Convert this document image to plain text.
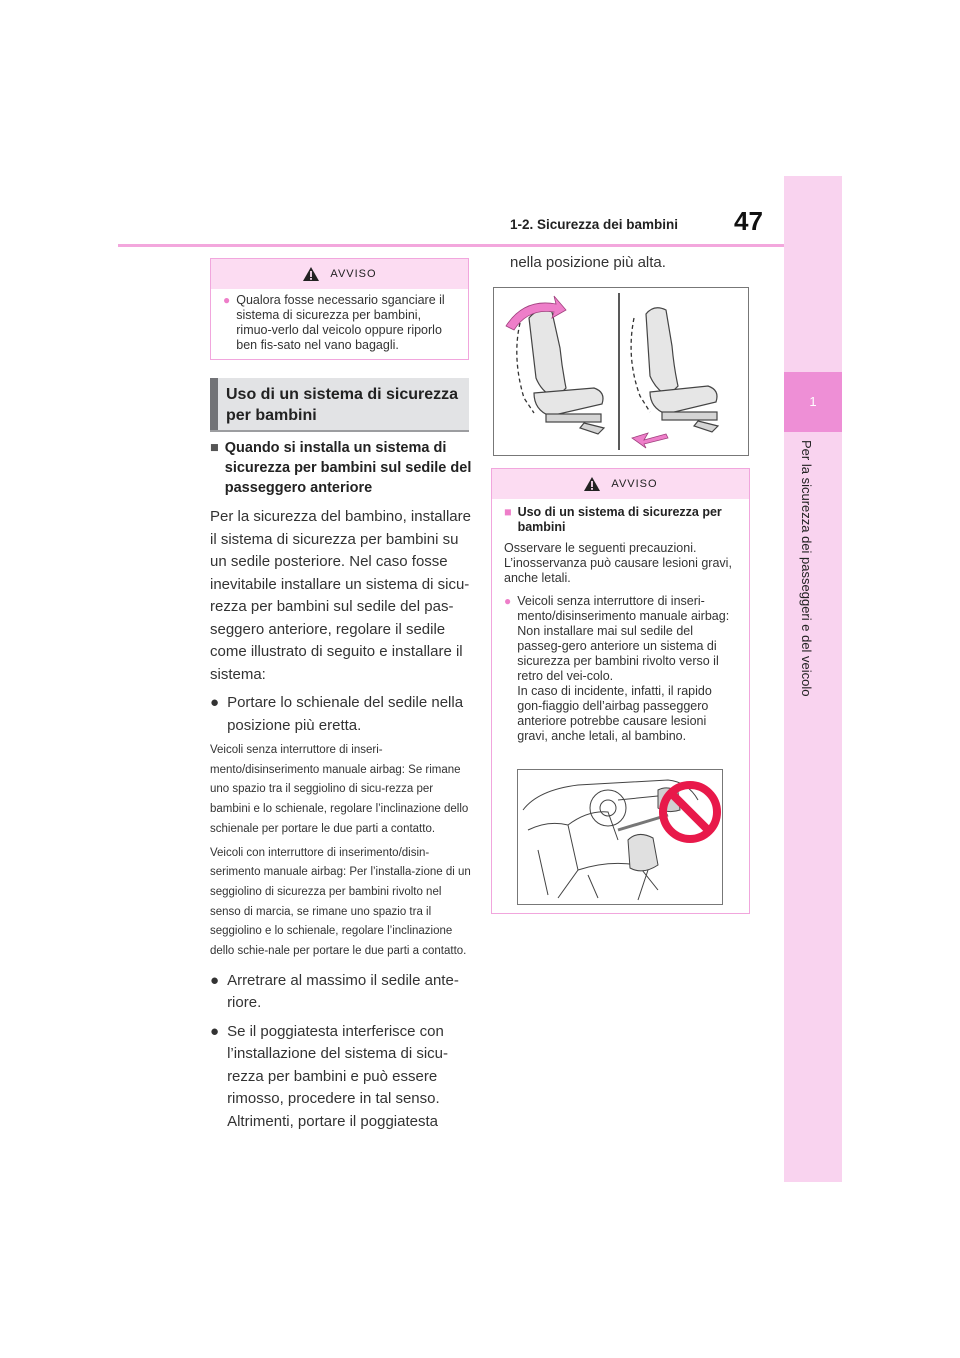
1-2. Sicurezza dei bambini 47
1
Per la sicurezza dei passeggeri e del veicolo
AVVISO
● Qualora fosse necessario sganciare il sistema di sicurezza per bambini, rimuo-verlo dal veicolo oppure riporlo ben fis-sato nel vano bagagli.
Uso di un sistema di sicurezza per bambini
■ Quando si installa un sistema di sicurezza per bambini sul sedile del passeggero anteriore
Per la sicurezza del bambino, installare il sistema di sicurezza per bambini su un sedile posteriore. Nel caso fosse inevitabile installare un sistema di sicu-rezza per bambini sul sedile del pas-seggero anteriore, regolare il sedile come illustrato di seguito e installare il sistema:
● Portare lo schienale del sedile nella posizione più eretta.
Veicoli senza interruttore di inseri-mento/disinserimento manuale airbag: Se rimane uno spazio tra il seggiolino di sicu-rezza per bambini e lo schienale, regolare l’inclinazione dello schienale per portare le due parti a contatto.
Veicoli con interruttore di inserimento/disin-serimento manuale airbag: Per l’installa-zione di un seggiolino di sicurezza per bambini rivolto nel senso di marcia, se rimane uno spazio tra il seggiolino e lo schienale, regolare l’inclinazione dello schie-nale per portare le due parti a contatto.
● Arretrare al massimo il sedile ante-riore.
● Se il poggiatesta interferisce con l’installazione del sistema di sicu-rezza per bambini e può essere rimosso, procedere in tal senso. Altrimenti, portare il poggiatesta
nella posizione più alta.
AVVISO
■ Uso di un sistema di sicurezza per bambini
Osservare le seguenti precauzioni. L’inosservanza può causare lesioni gravi, anche letali.
● Veicoli senza interruttore di inseri-mento/disinserimento manuale airbag: Non installare mai sul sedile del passeg-gero anteriore un sistema di sicurezza per bambini rivolto verso il retro del vei-colo.
In caso di incidente, infatti, il rapido gon-fiaggio dell’airbag passeggero anteriore potrebbe causare lesioni gravi, anche letali, al bambino.
